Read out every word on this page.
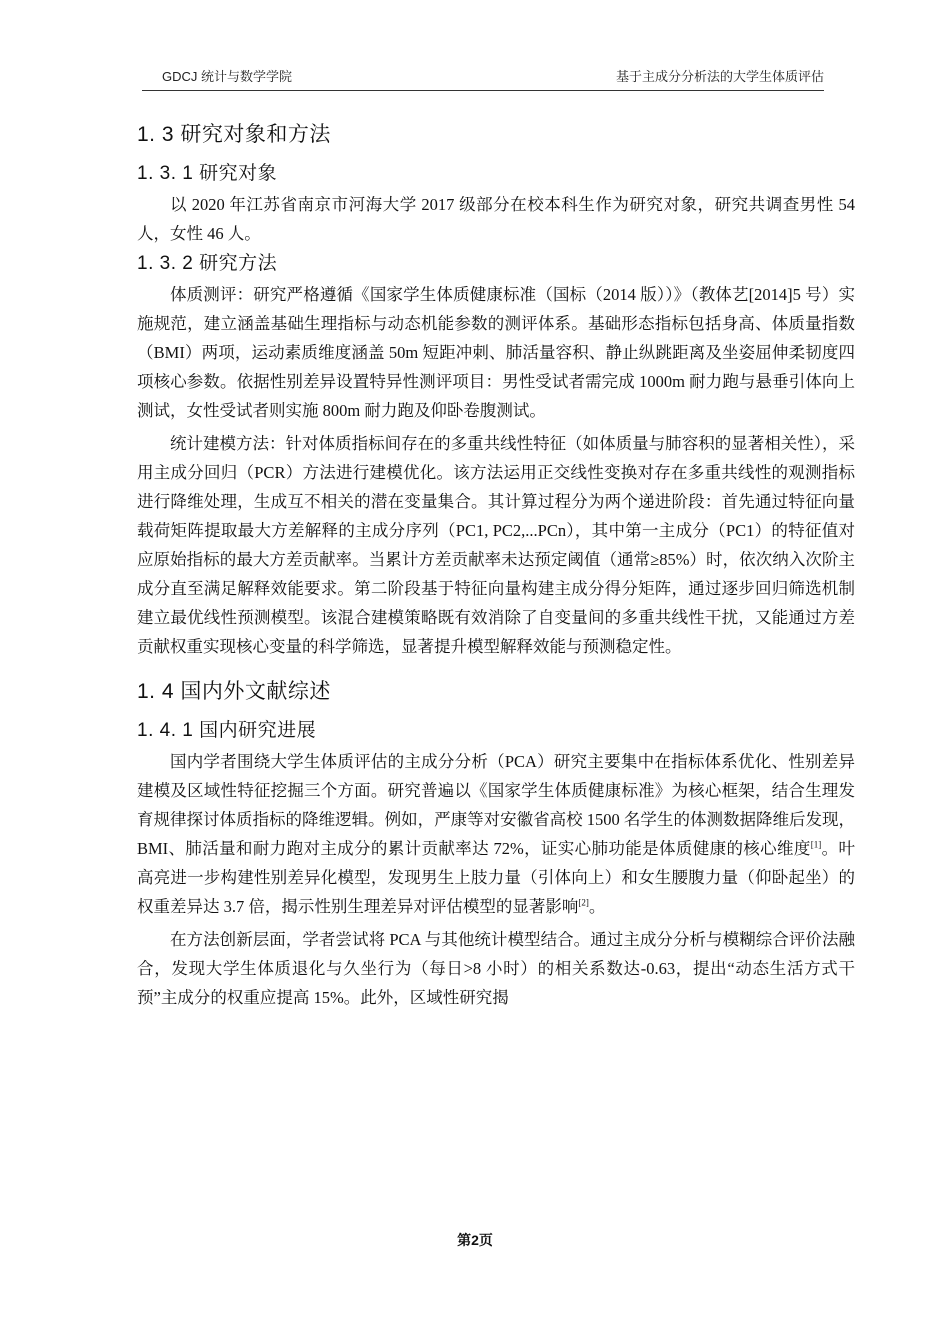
GDCJ 统计与数学学院	基于主成分分析法的大学生体质评估
1. 3 研究对象和方法
1. 3. 1 研究对象

以 2020 年江苏省南京市河海大学 2017 级部分在校本科生作为研究对象，研究共调查男性 54 人，女性 46 人。

1. 3. 2 研究方法

体质测评：研究严格遵循《国家学生体质健康标准（国标（2014 版））》（教体艺[2014]5 号）实施规范，建立涵盖基础生理指标与动态机能参数的测评体系。基础形态指标包括身高、体质量指数（BMI）两项，运动素质维度涵盖 50m 短距冲刺、肺活量容积、静止纵跳距离及坐姿屈伸柔韧度四项核心参数。依据性别差异设置特异性测评项目：男性受试者需完成 1000m 耐力跑与悬垂引体向上测试，女性受试者则实施 800m 耐力跑及仰卧卷腹测试。

统计建模方法：针对体质指标间存在的多重共线性特征（如体质量与肺容积的显著相关性），采用主成分回归（PCR）方法进行建模优化。该方法运用正交线性变换对存在多重共线性的观测指标进行降维处理，生成互不相关的潜在变量集合。其计算过程分为两个递进阶段：首先通过特征向量载荷矩阵提取最大方差解释的主成分序列（PC1, PC2,...PCn），其中第一主成分（PC1）的特征值对应原始指标的最大方差贡献率。当累计方差贡献率未达预定阈值（通常≥85%）时，依次纳入次阶主成分直至满足解释效能要求。第二阶段基于特征向量构建主成分得分矩阵，通过逐步回归筛选机制建立最优线性预测模型。该混合建模策略既有效消除了自变量间的多重共线性干扰，又能通过方差贡献权重实现核心变量的科学筛选，显著提升模型解释效能与预测稳定性。

1. 4 国内外文献综述
1. 4. 1 国内研究进展

国内学者围绕大学生体质评估的主成分分析（PCA）研究主要集中在指标体系优化、性别差异建模及区域性特征挖掘三个方面。研究普遍以《国家学生体质健康标准》为核心框架，结合生理发育规律探讨体质指标的降维逻辑。例如，严康等对安徽省高校 1500 名学生的体测数据降维后发现，BMI、肺活量和耐力跑对主成分的累计贡献率达 72%，证实心肺功能是体质健康的核心维度[1]。叶高亮进一步构建性别差异化模型，发现男生上肢力量（引体向上）和女生腰腹力量（仰卧起坐）的权重差异达 3.7 倍，揭示性别生理差异对评估模型的显著影响[2]。

在方法创新层面，学者尝试将 PCA 与其他统计模型结合。通过主成分分析与模糊综合评价法融合，发现大学生体质退化与久坐行为（每日>8 小时）的相关系数达-0.63，提出“动态生活方式干预”主成分的权重应提高 15%。此外，区域性研究揭

第2页
